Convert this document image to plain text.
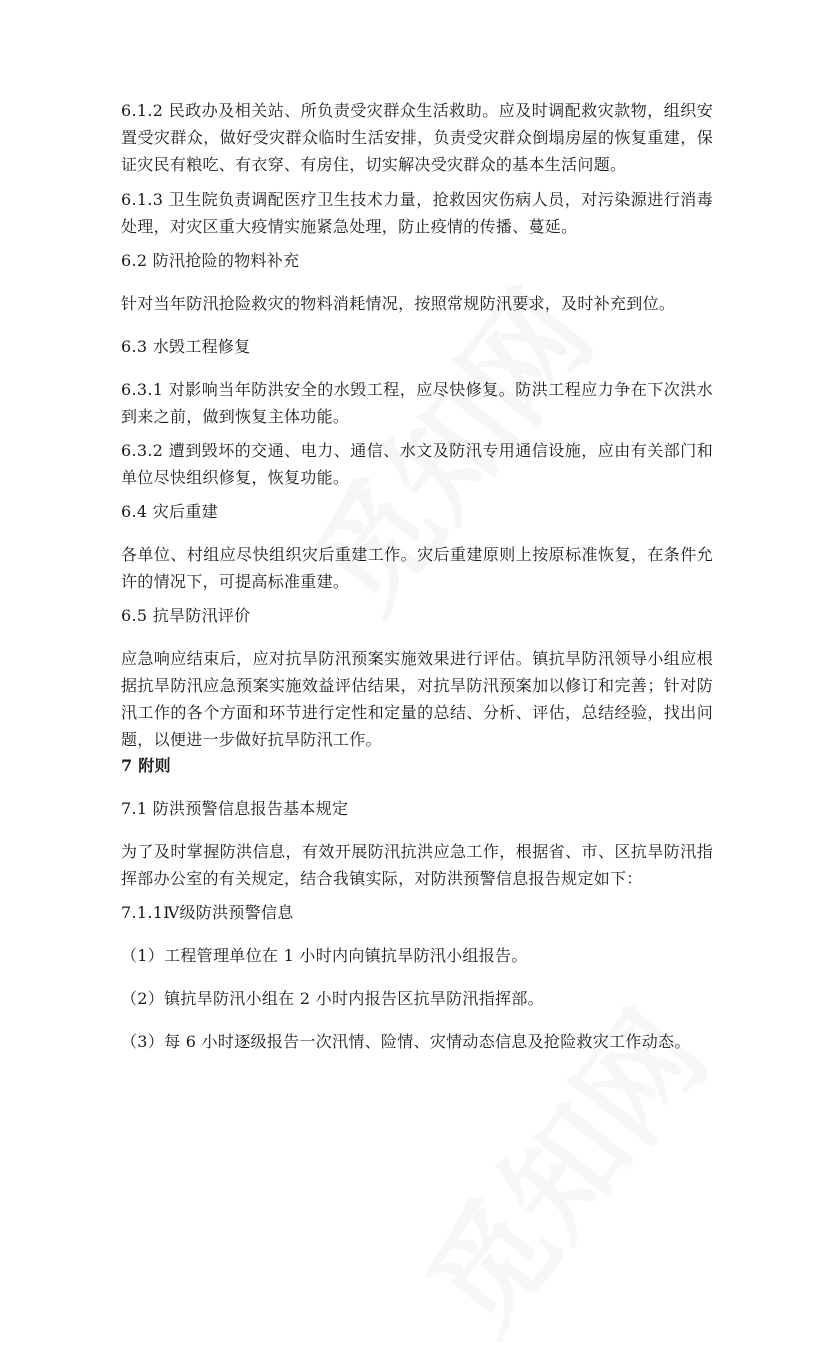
6.1.2 民政办及相关站、所负责受灾群众生活救助。应及时调配救灾款物，组织安置受灾群众，做好受灾群众临时生活安排，负责受灾群众倒塌房屋的恢复重建，保证灾民有粮吃、有衣穿、有房住，切实解决受灾群众的基本生活问题。
6.1.3 卫生院负责调配医疗卫生技术力量，抢救因灾伤病人员，对污染源进行消毒处理，对灾区重大疫情实施紧急处理，防止疫情的传播、蔓延。
6.2 防汛抢险的物料补充
针对当年防汛抢险救灾的物料消耗情况，按照常规防汛要求，及时补充到位。
6.3 水毁工程修复
6.3.1 对影响当年防洪安全的水毁工程，应尽快修复。防洪工程应力争在下次洪水到来之前，做到恢复主体功能。
6.3.2 遭到毁坏的交通、电力、通信、水文及防汛专用通信设施，应由有关部门和单位尽快组织修复，恢复功能。
6.4 灾后重建
各单位、村组应尽快组织灾后重建工作。灾后重建原则上按原标准恢复，在条件允许的情况下，可提高标准重建。
6.5 抗旱防汛评价
应急响应结束后，应对抗旱防汛预案实施效果进行评估。镇抗旱防汛领导小组应根据抗旱防汛应急预案实施效益评估结果，对抗旱防汛预案加以修订和完善；针对防汛工作的各个方面和环节进行定性和定量的总结、分析、评估，总结经验，找出问题，以便进一步做好抗旱防汛工作。
7 附则
7.1 防洪预警信息报告基本规定
为了及时掌握防洪信息，有效开展防汛抗洪应急工作，根据省、市、区抗旱防汛指挥部办公室的有关规定，结合我镇实际，对防洪预警信息报告规定如下：
7.1.1Ⅳ级防洪预警信息
（1）工程管理单位在 1 小时内向镇抗旱防汛小组报告。
（2）镇抗旱防汛小组在 2 小时内报告区抗旱防汛指挥部。
（3）每 6 小时逐级报告一次汛情、险情、灾情动态信息及抢险救灾工作动态。
